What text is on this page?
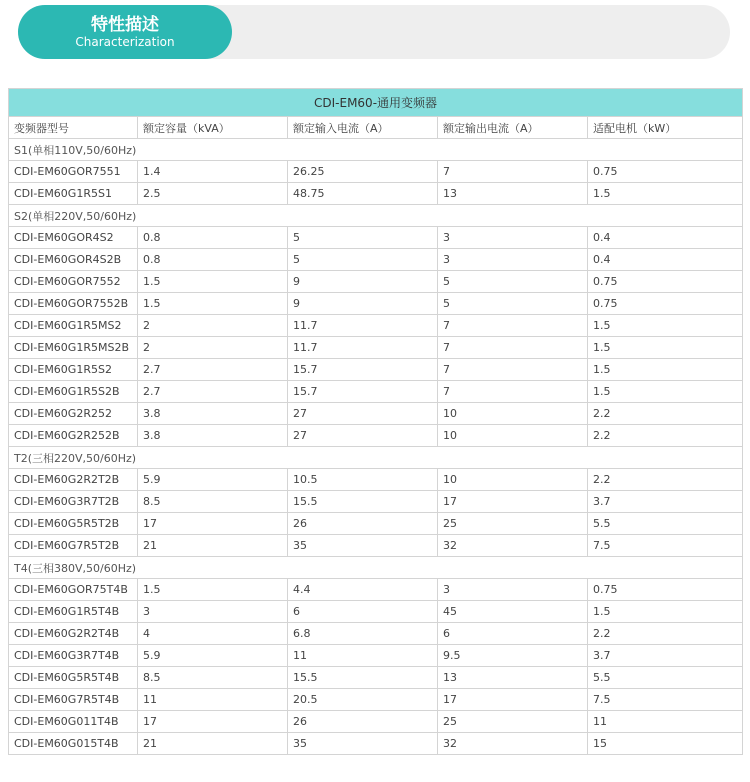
特性描述
Characterization
CDI-EM60-通用变频器				
变频器型号	额定容量（kVA）	额定输入电流（A）	额定输出电流（A）	适配电机（kW）
S1(单相110V,50/60Hz)				
CDI-EM60GOR7551	1.4	26.25	7	0.75
CDI-EM60G1R5S1	2.5	48.75	13	1.5
S2(单相220V,50/60Hz)				
CDI-EM60GOR4S2	0.8	5	3	0.4
CDI-EM60GOR4S2B	0.8	5	3	0.4
CDI-EM60GOR7552	1.5	9	5	0.75
CDI-EM60GOR7552B	1.5	9	5	0.75
CDI-EM60G1R5MS2	2	11.7	7	1.5
CDI-EM60G1R5MS2B	2	11.7	7	1.5
CDI-EM60G1R5S2	2.7	15.7	7	1.5
CDI-EM60G1R5S2B	2.7	15.7	7	1.5
CDI-EM60G2R252	3.8	27	10	2.2
CDI-EM60G2R252B	3.8	27	10	2.2
T2(三相220V,50/60Hz)				
CDI-EM60G2R2T2B	5.9	10.5	10	2.2
CDI-EM60G3R7T2B	8.5	15.5	17	3.7
CDI-EM60G5R5T2B	17	26	25	5.5
CDI-EM60G7R5T2B	21	35	32	7.5
T4(三相380V,50/60Hz)				
CDI-EM60GOR75T4B	1.5	4.4	3	0.75
CDI-EM60G1R5T4B	3	6	45	1.5
CDI-EM60G2R2T4B	4	6.8	6	2.2
CDI-EM60G3R7T4B	5.9	11	9.5	3.7
CDI-EM60G5R5T4B	8.5	15.5	13	5.5
CDI-EM60G7R5T4B	11	20.5	17	7.5
CDI-EM60G011T4B	17	26	25	11
CDI-EM60G015T4B	21	35	32	15
